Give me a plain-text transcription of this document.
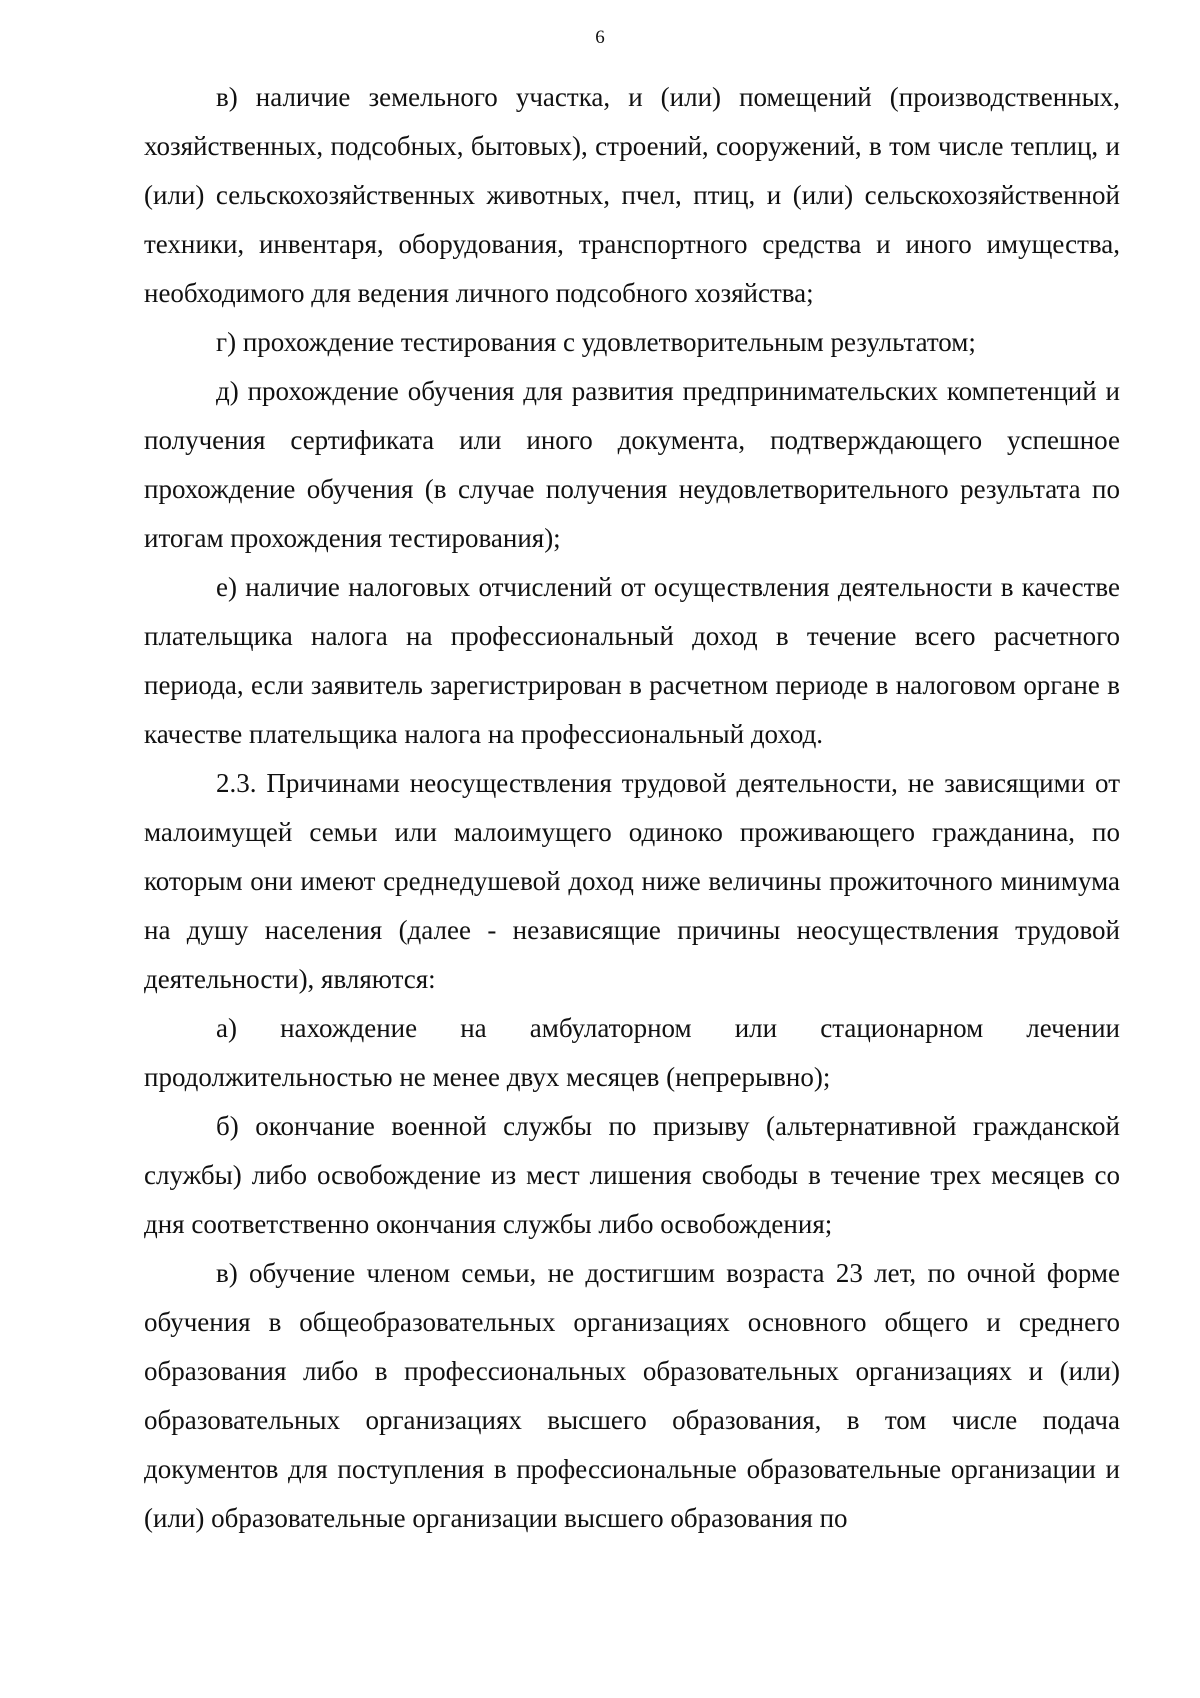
6

в) наличие земельного участка, и (или) помещений (производственных, хозяйственных, подсобных, бытовых), строений, сооружений, в том числе теплиц, и (или) сельскохозяйственных животных, пчел, птиц, и (или) сельскохозяйственной техники, инвентаря, оборудования, транспортного средства и иного имущества, необходимого для ведения личного подсобного хозяйства;

г) прохождение тестирования с удовлетворительным результатом;

д) прохождение обучения для развития предпринимательских компетенций и получения сертификата или иного документа, подтверждающего успешное прохождение обучения (в случае получения неудовлетворительного результата по итогам прохождения тестирования);

е) наличие налоговых отчислений от осуществления деятельности в качестве плательщика налога на профессиональный доход в течение всего расчетного периода, если заявитель зарегистрирован в расчетном периоде в налоговом органе в качестве плательщика налога на профессиональный доход.

2.3. Причинами неосуществления трудовой деятельности, не зависящими от малоимущей семьи или малоимущего одиноко проживающего гражданина, по которым они имеют среднедушевой доход ниже величины прожиточного минимума на душу населения (далее - независящие причины неосуществления трудовой деятельности), являются:

а) нахождение на амбулаторном или стационарном лечении продолжительностью не менее двух месяцев (непрерывно);

б) окончание военной службы по призыву (альтернативной гражданской службы) либо освобождение из мест лишения свободы в течение трех месяцев со дня соответственно окончания службы либо освобождения;

в) обучение членом семьи, не достигшим возраста 23 лет, по очной форме обучения в общеобразовательных организациях основного общего и среднего образования либо в профессиональных образовательных организациях и (или) образовательных организациях высшего образования, в том числе подача документов для поступления в профессиональные образовательные организации и (или) образовательные организации высшего образования по
